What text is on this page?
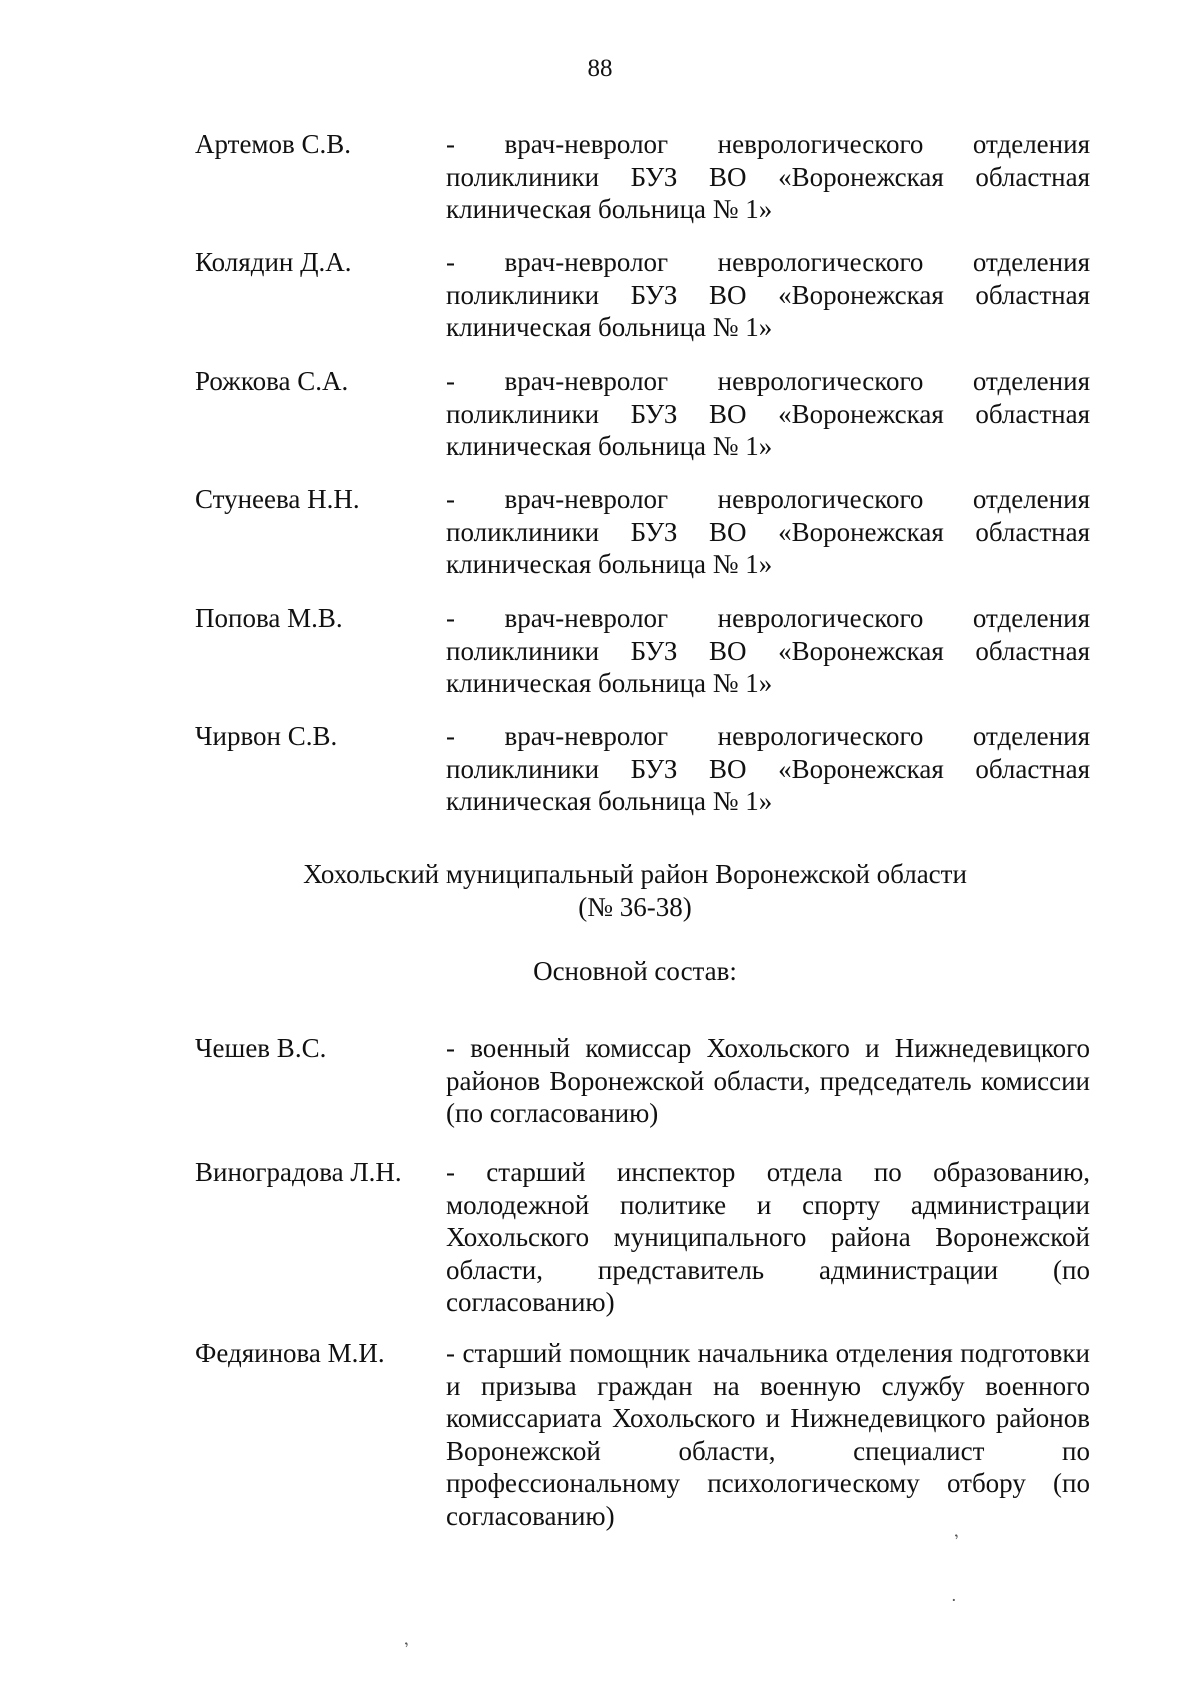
88
Артемов С.В.	- врач-невролог неврологического отделения поликлиники БУЗ ВО «Воронежская областная клиническая больница № 1»
Колядин Д.А.	- врач-невролог неврологического отделения поликлиники БУЗ ВО «Воронежская областная клиническая больница № 1»
Рожкова С.А.	- врач-невролог неврологического отделения поликлиники БУЗ ВО «Воронежская областная клиническая больница № 1»
Стунеева Н.Н.	- врач-невролог неврологического отделения поликлиники БУЗ ВО «Воронежская областная клиническая больница № 1»
Попова М.В.	- врач-невролог неврологического отделения поликлиники БУЗ ВО «Воронежская областная клиническая больница № 1»
Чирвон С.В.	- врач-невролог неврологического отделения поликлиники БУЗ ВО «Воронежская областная клиническая больница № 1»
Хохольский муниципальный район Воронежской области
(№ 36-38)
Основной состав:
Чешев В.С.	- военный комиссар Хохольского и Нижнедевицкого районов Воронежской области, председатель комиссии (по согласованию)
Виноградова Л.Н.	- старший инспектор отдела по образованию, молодежной политике и спорту администрации Хохольского муниципального района Воронежской области, представитель администрации (по согласованию)
Федяинова М.И.	- старший помощник начальника отделения подготовки и призыва граждан на военную службу военного комиссариата Хохольского и Нижнедевицкого районов Воронежской области, специалист по профессиональному психологическому отбору (по согласованию)
ʼ
.
ʼ
